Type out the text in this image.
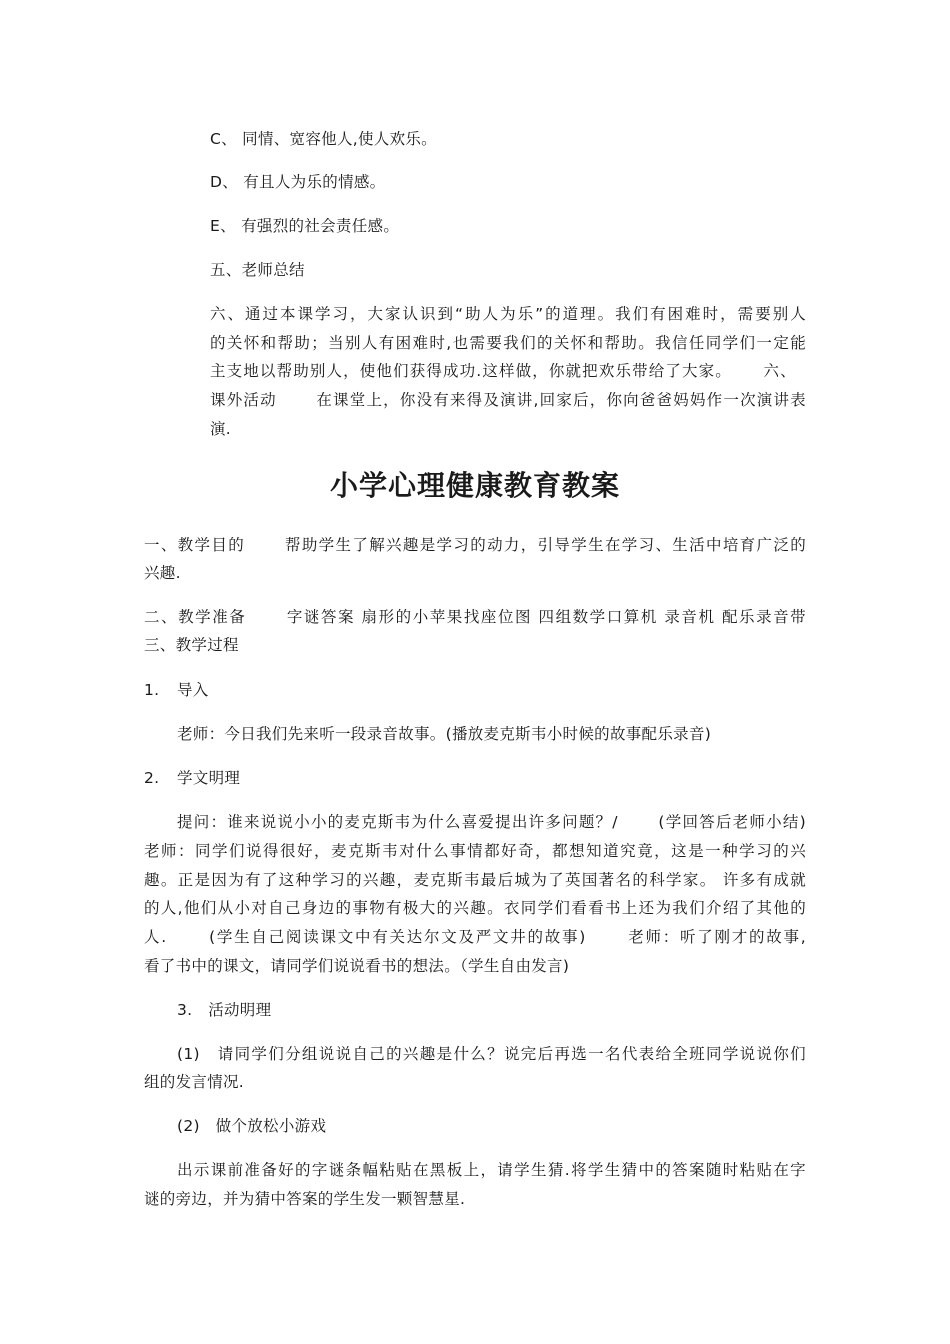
C、 同情、宽容他人,使人欢乐。
D、 有且人为乐的情感。
E、 有强烈的社会责任感。
五、老师总结
六、通过本课学习，大家认识到“助人为乐”的道理。我们有困难时，需要别人
的关怀和帮助；当别人有困难时,也需要我们的关怀和帮助。我信任同学们一定能
主支地以帮助别人，使他们获得成功.这样做，你就把欢乐带给了大家。　　 六、
课外活动　　 在课堂上，你没有来得及演讲,回家后，你向爸爸妈妈作一次演讲表
演.
小学心理健康教育教案
一、教学目的　　 帮助学生了解兴趣是学习的动力，引导学生在学习、生活中培育广泛的
兴趣.
二、教学准备　　 字谜答案 扇形的小苹果找座位图 四组数学口算机 录音机 配乐录音带
三、教学过程
1. 导入
老师：今日我们先来听一段录音故事。(播放麦克斯韦小时候的故事配乐录音)
2. 学文明理
提问：谁来说说小小的麦克斯韦为什么喜爱提出许多问题？/　　 (学回答后老师小结)
老师：同学们说得很好，麦克斯韦对什么事情都好奇，都想知道究竟，这是一种学习的兴
趣。正是因为有了这种学习的兴趣，麦克斯韦最后城为了英国著名的科学家。 许多有成就
的人,他们从小对自己身边的事物有极大的兴趣。衣同学们看看书上还为我们介绍了其他的
人.　　 (学生自己阅读课文中有关达尔文及严文井的故事)　　 老师：听了刚才的故事,
看了书中的课文，请同学们说说看书的想法。（学生自由发言)
3.　活动明理
(1)　请同学们分组说说自己的兴趣是什么？说完后再选一名代表给全班同学说说你们
组的发言情况.
(2)　做个放松小游戏
出示课前准备好的字谜条幅粘贴在黑板上，请学生猜.将学生猜中的答案随时粘贴在字
谜的旁边，并为猜中答案的学生发一颗智慧星.
